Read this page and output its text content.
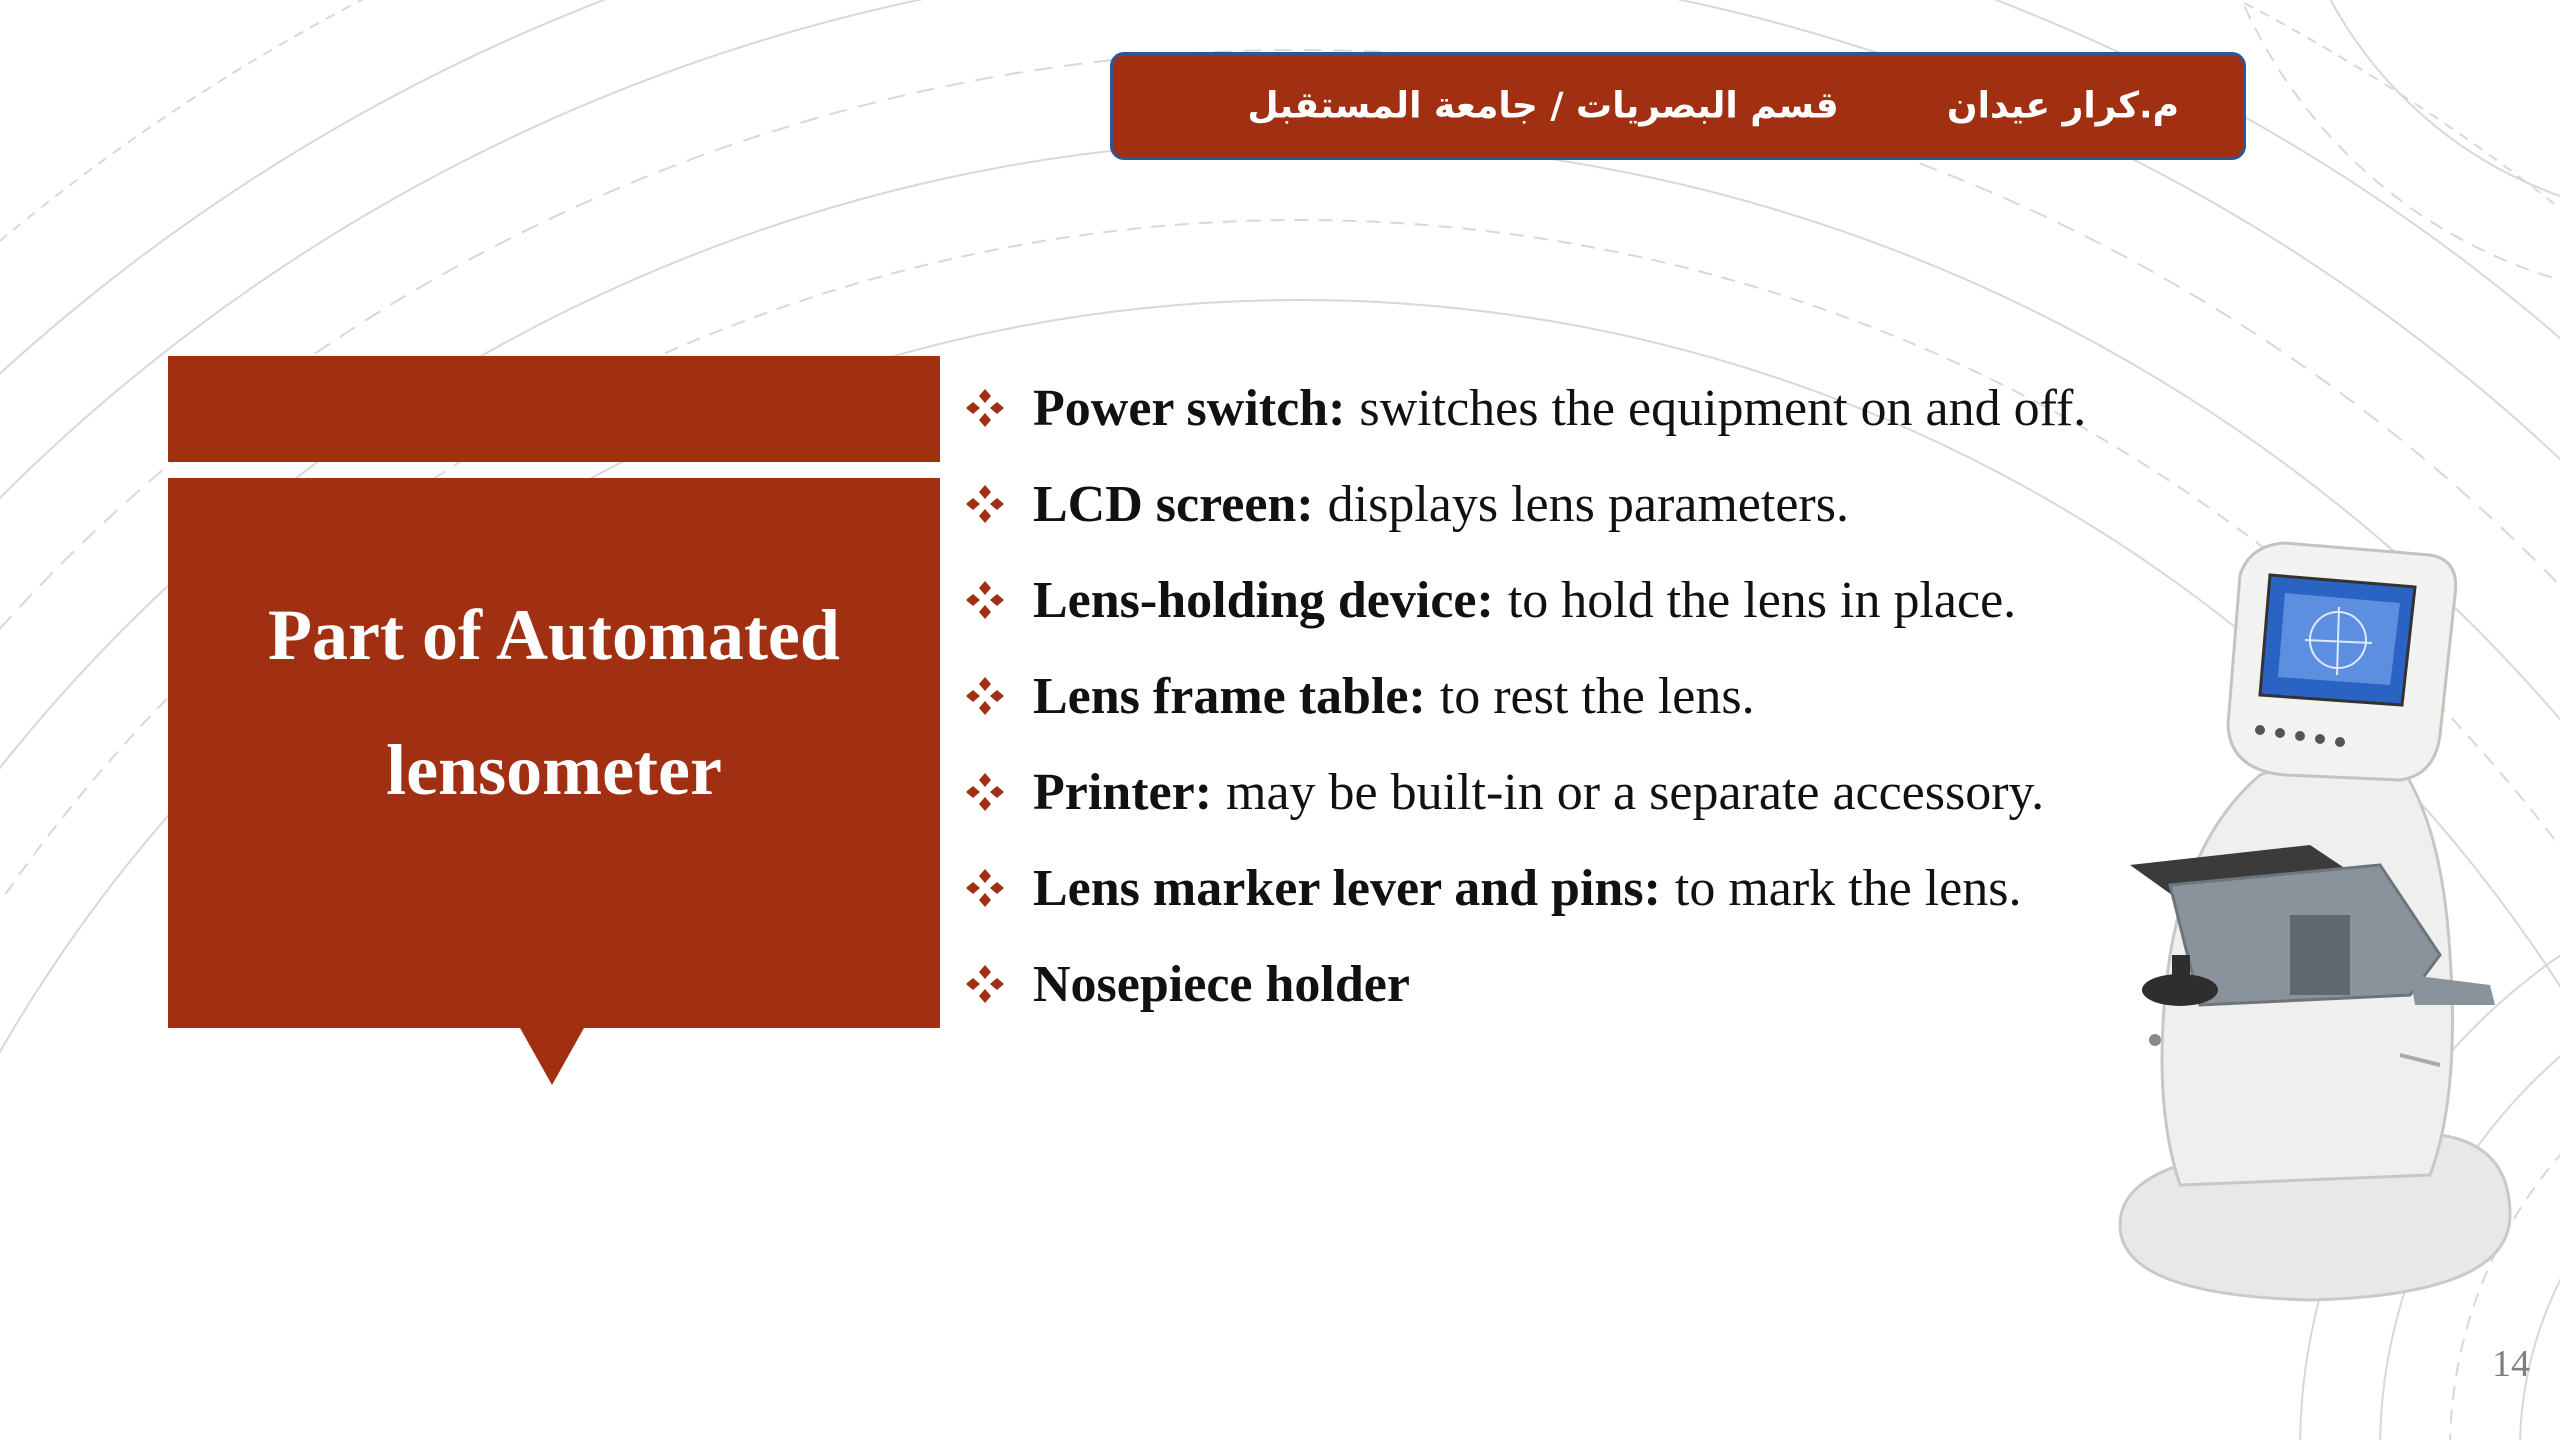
قسم البصريات / جامعة المستقبل	م.كرار عيدان
Part of Automated
lensometer
Power switch: switches the equipment on and off.
LCD screen: displays lens parameters.
Lens-holding device: to hold the lens in place.
Lens frame table: to rest the lens.
Printer: may be built-in or a separate accessory.
Lens marker lever and pins: to mark the lens.
Nosepiece holder
14
